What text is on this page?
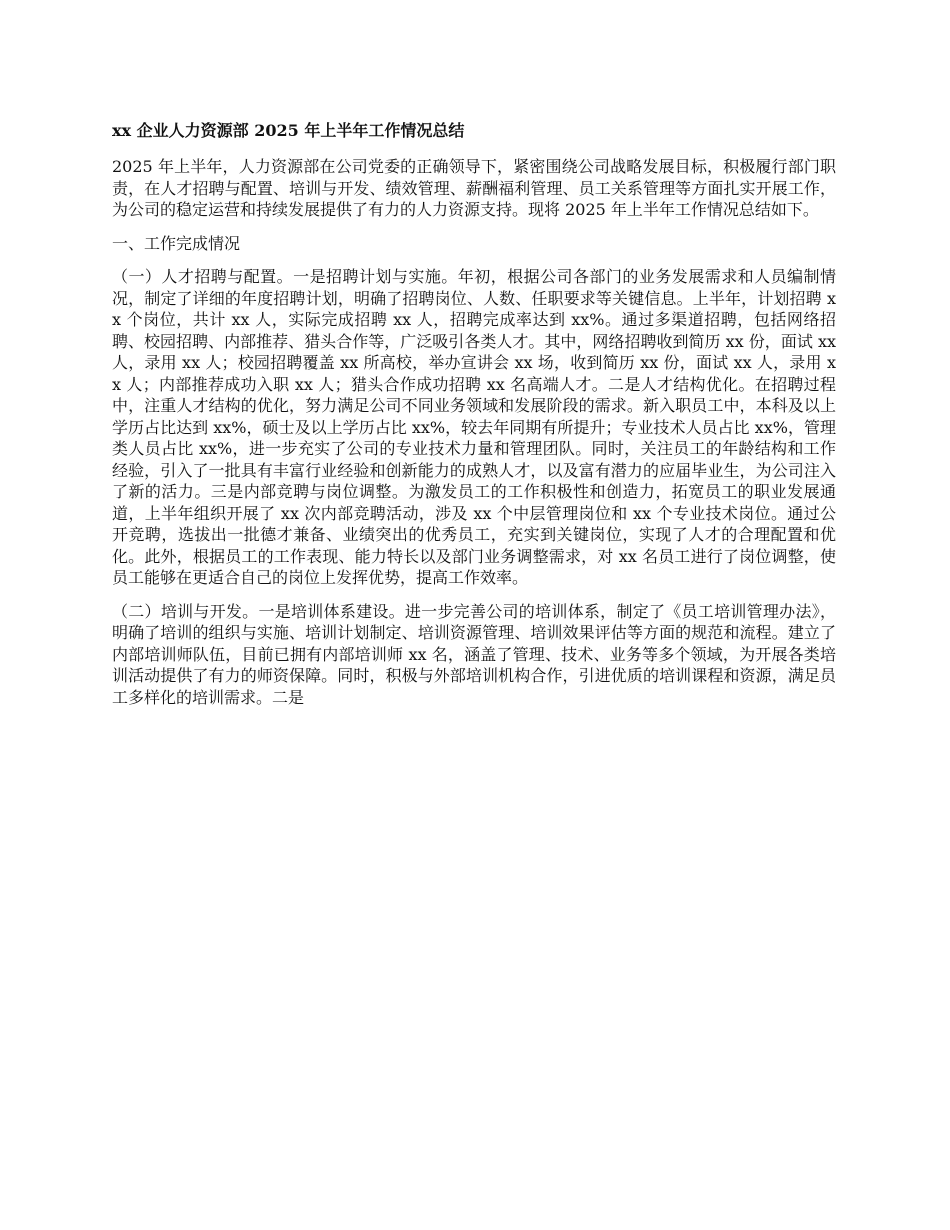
xx 企业人力资源部 2025 年上半年工作情况总结

2025 年上半年，人力资源部在公司党委的正确领导下，紧密围绕公司战略发展目标，积极履行部门职责，在人才招聘与配置、培训与开发、绩效管理、薪酬福利管理、员工关系管理等方面扎实开展工作，为公司的稳定运营和持续发展提供了有力的人力资源支持。现将 2025 年上半年工作情况总结如下。

一、工作完成情况

（一）人才招聘与配置。一是招聘计划与实施。年初，根据公司各部门的业务发展需求和人员编制情况，制定了详细的年度招聘计划，明确了招聘岗位、人数、任职要求等关键信息。上半年，计划招聘 xx 个岗位，共计 xx 人，实际完成招聘 xx 人，招聘完成率达到 xx%。通过多渠道招聘，包括网络招聘、校园招聘、内部推荐、猎头合作等，广泛吸引各类人才。其中，网络招聘收到简历 xx 份，面试 xx 人，录用 xx 人；校园招聘覆盖 xx 所高校，举办宣讲会 xx 场，收到简历 xx 份，面试 xx 人，录用 xx 人；内部推荐成功入职 xx 人；猎头合作成功招聘 xx 名高端人才。二是人才结构优化。在招聘过程中，注重人才结构的优化，努力满足公司不同业务领域和发展阶段的需求。新入职员工中，本科及以上学历占比达到 xx%，硕士及以上学历占比 xx%，较去年同期有所提升；专业技术人员占比 xx%，管理类人员占比 xx%，进一步充实了公司的专业技术力量和管理团队。同时，关注员工的年龄结构和工作经验，引入了一批具有丰富行业经验和创新能力的成熟人才，以及富有潜力的应届毕业生，为公司注入了新的活力。三是内部竞聘与岗位调整。为激发员工的工作积极性和创造力，拓宽员工的职业发展通道，上半年组织开展了 xx 次内部竞聘活动，涉及 xx 个中层管理岗位和 xx 个专业技术岗位。通过公开竞聘，选拔出一批德才兼备、业绩突出的优秀员工，充实到关键岗位，实现了人才的合理配置和优化。此外，根据员工的工作表现、能力特长以及部门业务调整需求，对 xx 名员工进行了岗位调整，使员工能够在更适合自己的岗位上发挥优势，提高工作效率。

（二）培训与开发。一是培训体系建设。进一步完善公司的培训体系，制定了《员工培训管理办法》，明确了培训的组织与实施、培训计划制定、培训资源管理、培训效果评估等方面的规范和流程。建立了内部培训师队伍，目前已拥有内部培训师 xx 名，涵盖了管理、技术、业务等多个领域，为开展各类培训活动提供了有力的师资保障。同时，积极与外部培训机构合作，引进优质的培训课程和资源，满足员工多样化的培训需求。二是
